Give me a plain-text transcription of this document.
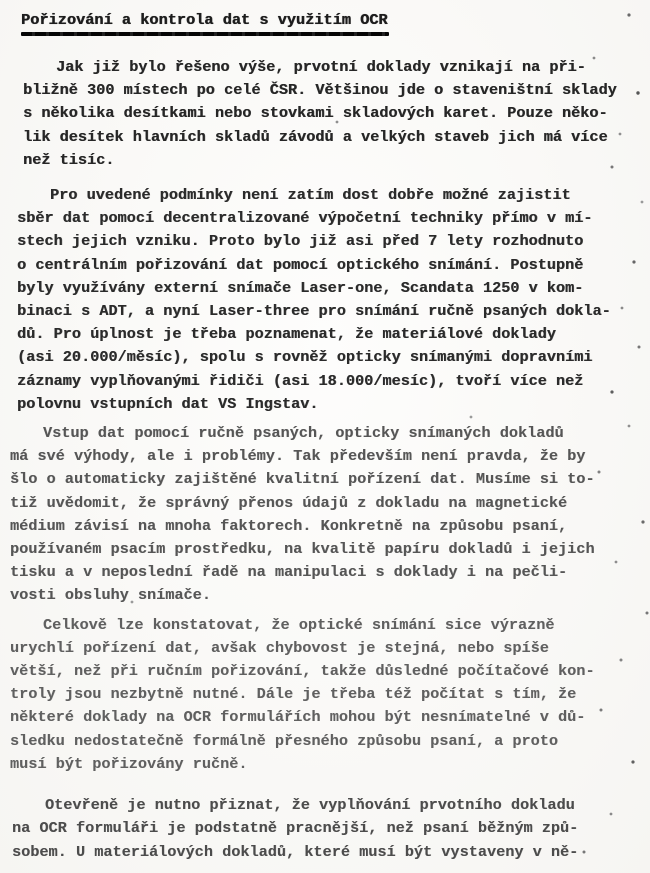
Pořizování a kontrola dat s využitím OCR
Jak již bylo řešeno výše, prvotní doklady vznikají na při-
bližně 300 místech po celé ČSR. Většinou jde o staveništní sklady
s několika desítkami nebo stovkami skladových karet. Pouze něko-
lik desítek hlavních skladů závodů a velkých staveb jich má více
než tisíc.
Pro uvedené podmínky není zatím dost dobře možné zajistit
sběr dat pomocí decentralizované výpočetní techniky přímo v mí-
stech jejich vzniku. Proto bylo již asi před 7 lety rozhodnuto
o centrálním pořizování dat pomocí optického snímání. Postupně
byly využívány externí snímače Laser-one, Scandata 1250 v kom-
binaci s ADT, a nyní Laser-three pro snímání ručně psaných dokla-
dů. Pro úplnost je třeba poznamenat, že materiálové doklady
(asi 20.000/měsíc), spolu s rovněž opticky snímanými dopravními
záznamy vyplňovanými řidiči (asi 18.000/mesíc), tvoří více než
polovnu vstupních dat VS Ingstav.
Vstup dat pomocí ručně psaných, opticky snímaných dokladů
má své výhody, ale i problémy. Tak především není pravda, že by
šlo o automaticky zajištěné kvalitní pořízení dat. Musíme si to-
tiž uvědomit, že správný přenos údajů z dokladu na magnetické
médium závisí na mnoha faktorech. Konkretně na způsobu psaní,
používaném psacím prostředku, na kvalitě papíru dokladů i jejich
tisku a v neposlední řadě na manipulaci s doklady i na pečli-
vosti obsluhy snímače.
Celkově lze konstatovat, že optické snímání sice výrazně
urychlí pořízení dat, avšak chybovost je stejná, nebo spíše
větší, než při ručním pořizování, takže důsledné počítačové kon-
troly jsou nezbytně nutné. Dále je třeba též počítat s tím, že
některé doklady na OCR formulářích mohou být nesnímatelné v dů-
sledku nedostatečně formálně přesného způsobu psaní, a proto
musí být pořizovány ručně.
Otevřeně je nutno přiznat, že vyplňování prvotního dokladu
na OCR formuláři je podstatně pracnější, než psaní běžným způ-
sobem. U materiálových dokladů, které musí být vystaveny v ně-
